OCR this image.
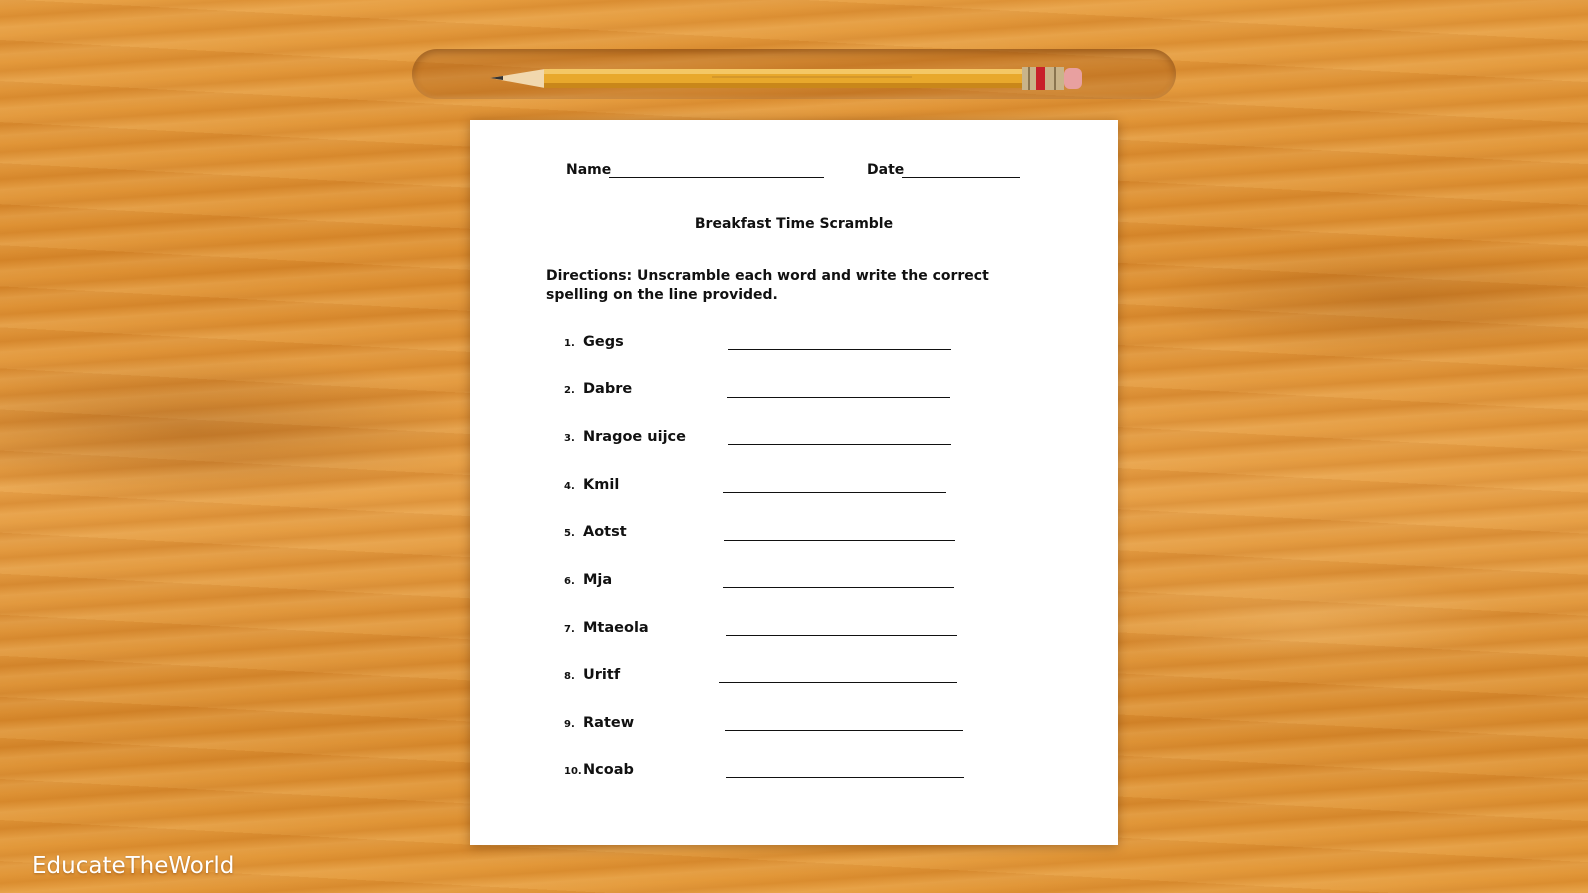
Name	Date
Breakfast Time Scramble
Directions: Unscramble each word and write the correct spelling on the line provided.
1. Gegs
2. Dabre
3. Nragoe uijce
4. Kmil
5. Aotst
6. Mja
7. Mtaeola
8. Uritf
9. Ratew
10. Ncoab
EducateTheWorld
